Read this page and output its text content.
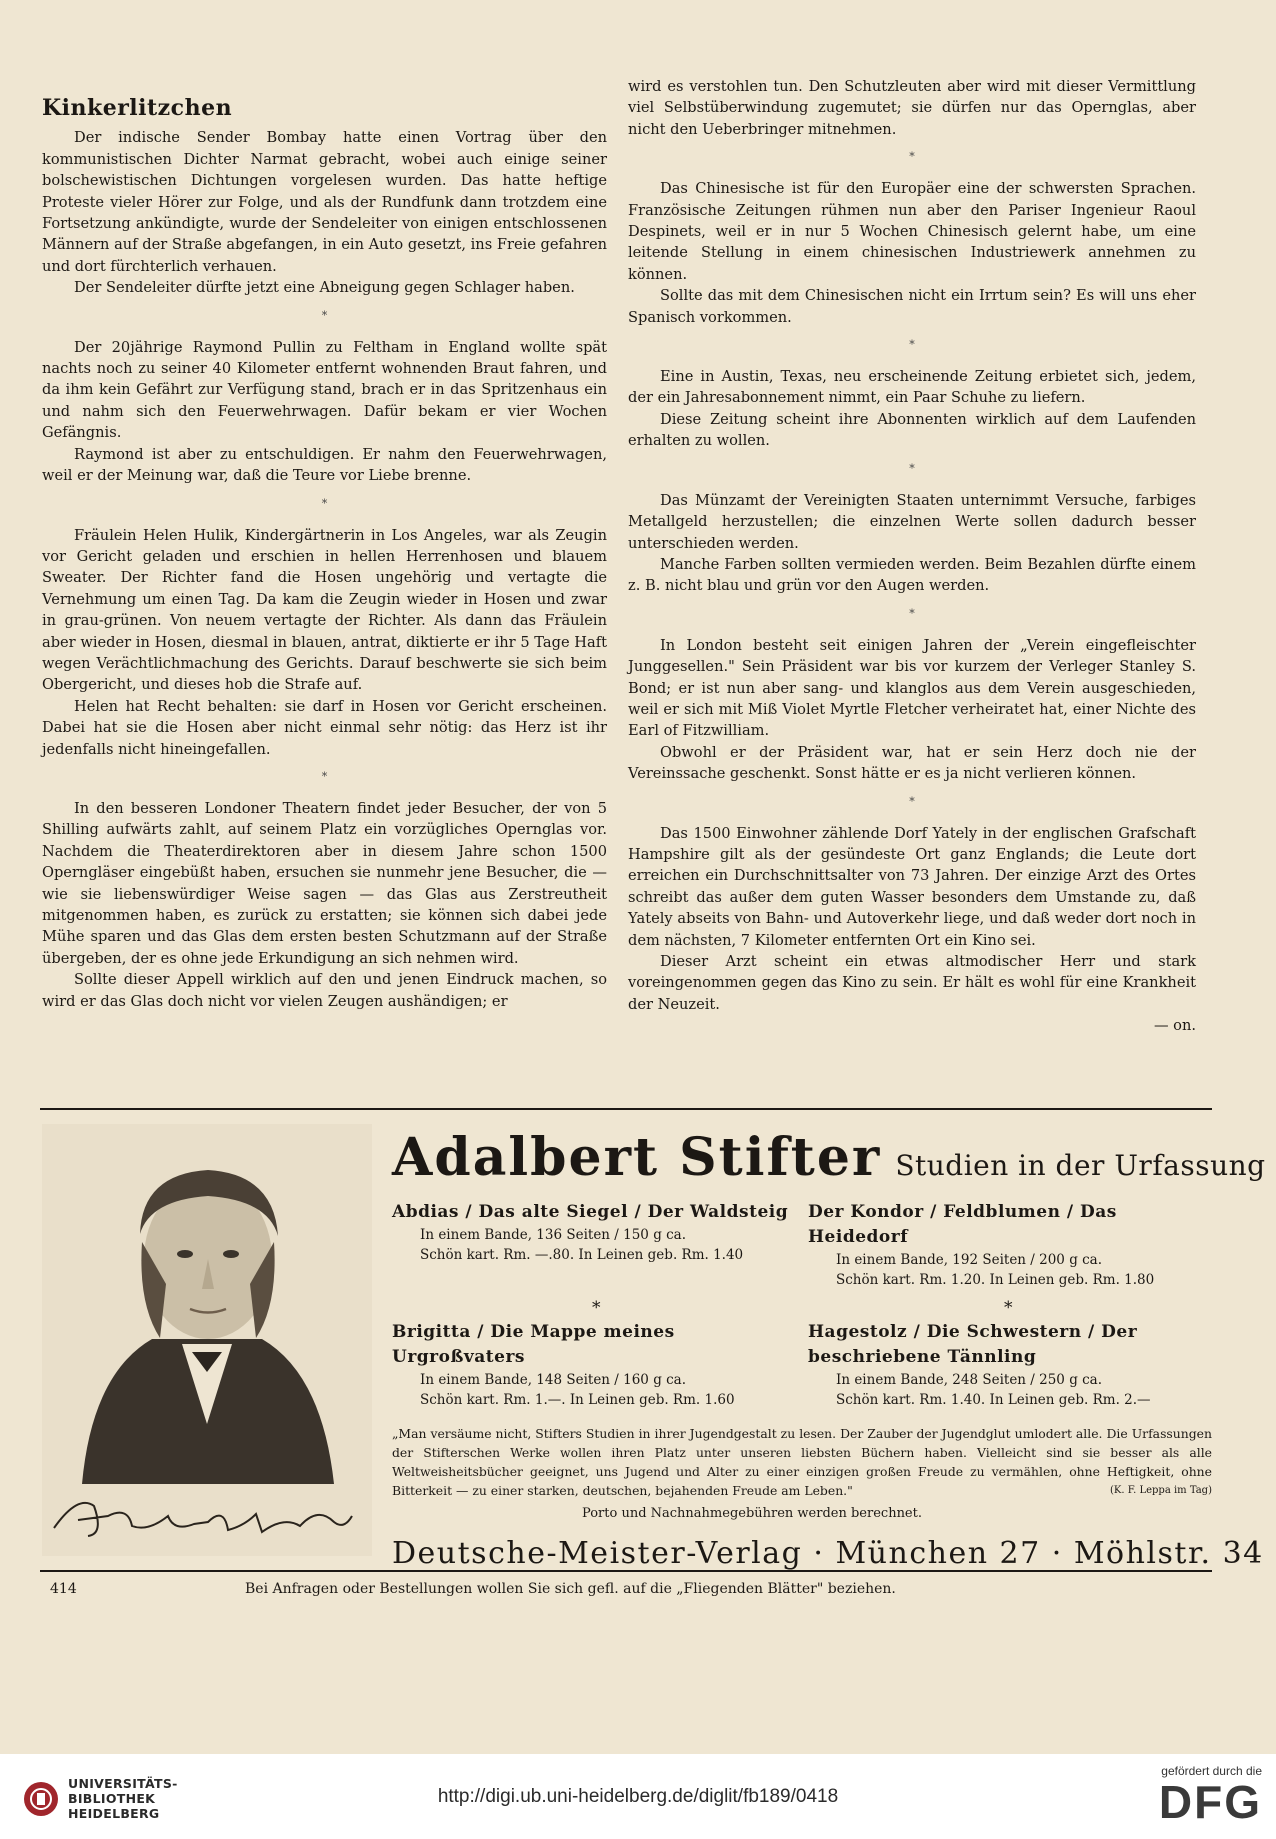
Kinkerlitzchen

Der indische Sender Bombay hatte einen Vortrag über den kommunistischen Dichter Narmat gebracht, wobei auch einige seiner bolschewistischen Dichtungen vorgelesen wurden. Das hatte heftige Proteste vieler Hörer zur Folge, und als der Rundfunk dann trotzdem eine Fortsetzung ankündigte, wurde der Sendeleiter von einigen entschlossenen Männern auf der Straße abgefangen, in ein Auto gesetzt, ins Freie gefahren und dort fürchterlich verhauen.

Der Sendeleiter dürfte jetzt eine Abneigung gegen Schlager haben.

*

Der 20jährige Raymond Pullin zu Feltham in England wollte spät nachts noch zu seiner 40 Kilometer entfernt wohnenden Braut fahren, und da ihm kein Gefährt zur Verfügung stand, brach er in das Spritzenhaus ein und nahm sich den Feuerwehrwagen. Dafür bekam er vier Wochen Gefängnis.

Raymond ist aber zu entschuldigen. Er nahm den Feuerwehrwagen, weil er der Meinung war, daß die Teure vor Liebe brenne.

*

Fräulein Helen Hulik, Kindergärtnerin in Los Angeles, war als Zeugin vor Gericht geladen und erschien in hellen Herrenhosen und blauem Sweater. Der Richter fand die Hosen ungehörig und vertagte die Vernehmung um einen Tag. Da kam die Zeugin wieder in Hosen und zwar in grau-grünen. Von neuem vertagte der Richter. Als dann das Fräulein aber wieder in Hosen, diesmal in blauen, antrat, diktierte er ihr 5 Tage Haft wegen Verächtlichmachung des Gerichts. Darauf beschwerte sie sich beim Obergericht, und dieses hob die Strafe auf.

Helen hat Recht behalten: sie darf in Hosen vor Gericht erscheinen. Dabei hat sie die Hosen aber nicht einmal sehr nötig: das Herz ist ihr jedenfalls nicht hineingefallen.

*

In den besseren Londoner Theatern findet jeder Besucher, der von 5 Shilling aufwärts zahlt, auf seinem Platz ein vorzügliches Opernglas vor. Nachdem die Theaterdirektoren aber in diesem Jahre schon 1500 Operngläser eingebüßt haben, ersuchen sie nunmehr jene Besucher, die — wie sie liebenswürdiger Weise sagen — das Glas aus Zerstreutheit mitgenommen haben, es zurück zu erstatten; sie können sich dabei jede Mühe sparen und das Glas dem ersten besten Schutzmann auf der Straße übergeben, der es ohne jede Erkundigung an sich nehmen wird.

Sollte dieser Appell wirklich auf den und jenen Eindruck machen, so wird er das Glas doch nicht vor vielen Zeugen aushändigen; er

wird es verstohlen tun. Den Schutzleuten aber wird mit dieser Vermittlung viel Selbstüberwindung zugemutet; sie dürfen nur das Opernglas, aber nicht den Ueberbringer mitnehmen.

*

Das Chinesische ist für den Europäer eine der schwersten Sprachen. Französische Zeitungen rühmen nun aber den Pariser Ingenieur Raoul Despinets, weil er in nur 5 Wochen Chinesisch gelernt habe, um eine leitende Stellung in einem chinesischen Industriewerk annehmen zu können.

Sollte das mit dem Chinesischen nicht ein Irrtum sein? Es will uns eher Spanisch vorkommen.

*

Eine in Austin, Texas, neu erscheinende Zeitung erbietet sich, jedem, der ein Jahresabonnement nimmt, ein Paar Schuhe zu liefern.

Diese Zeitung scheint ihre Abonnenten wirklich auf dem Laufenden erhalten zu wollen.

*

Das Münzamt der Vereinigten Staaten unternimmt Versuche, farbiges Metallgeld herzustellen; die einzelnen Werte sollen dadurch besser unterschieden werden.

Manche Farben sollten vermieden werden. Beim Bezahlen dürfte einem z. B. nicht blau und grün vor den Augen werden.

*

In London besteht seit einigen Jahren der „Verein eingefleischter Junggesellen." Sein Präsident war bis vor kurzem der Verleger Stanley S. Bond; er ist nun aber sang- und klanglos aus dem Verein ausgeschieden, weil er sich mit Miß Violet Myrtle Fletcher verheiratet hat, einer Nichte des Earl of Fitzwilliam.

Obwohl er der Präsident war, hat er sein Herz doch nie der Vereinssache geschenkt. Sonst hätte er es ja nicht verlieren können.

*

Das 1500 Einwohner zählende Dorf Yately in der englischen Grafschaft Hampshire gilt als der gesündeste Ort ganz Englands; die Leute dort erreichen ein Durchschnittsalter von 73 Jahren. Der einzige Arzt des Ortes schreibt das außer dem guten Wasser besonders dem Umstande zu, daß Yately abseits von Bahn- und Autoverkehr liege, und daß weder dort noch in dem nächsten, 7 Kilometer entfernten Ort ein Kino sei.

Dieser Arzt scheint ein etwas altmodischer Herr und stark voreingenommen gegen das Kino zu sein. Er hält es wohl für eine Krankheit der Neuzeit.

— on.
Adalbert Stifter Studien in der Urfassung
Abdias / Das alte Siegel / Der Waldsteig
In einem Bande, 136 Seiten / 150 g ca.
Schön kart. Rm. —.80. In Leinen geb. Rm. 1.40
Der Kondor / Feldblumen / Das Heidedorf
In einem Bande, 192 Seiten / 200 g ca.
Schön kart. Rm. 1.20. In Leinen geb. Rm. 1.80
*	*
Brigitta / Die Mappe meines Urgroßvaters
In einem Bande, 148 Seiten / 160 g ca.
Schön kart. Rm. 1.—. In Leinen geb. Rm. 1.60
Hagestolz / Die Schwestern / Der beschriebene Tännling
In einem Bande, 248 Seiten / 250 g ca.
Schön kart. Rm. 1.40. In Leinen geb. Rm. 2.—
„Man versäume nicht, Stifters Studien in ihrer Jugendgestalt zu lesen. Der Zauber der Jugendglut umlodert alle. Die Urfassungen der Stifterschen Werke wollen ihren Platz unter unseren liebsten Büchern haben. Vielleicht sind sie besser als alle Weltweisheitsbücher geeignet, uns Jugend und Alter zu einer einzigen großen Freude zu vermählen, ohne Heftigkeit, ohne Bitterkeit — zu einer starken, deutschen, bejahenden Freude am Leben."	(K. F. Leppa im Tag)
Porto und Nachnahmegebühren werden berechnet.
Deutsche-Meister-Verlag · München 27 · Möhlstr. 34
414	Bei Anfragen oder Bestellungen wollen Sie sich gefl. auf die „Fliegenden Blätter" beziehen.
UNIVERSITÄTS-
BIBLIOTHEK
HEIDELBERG
http://digi.ub.uni-heidelberg.de/diglit/fb189/0418
gefördert durch die
DFG
